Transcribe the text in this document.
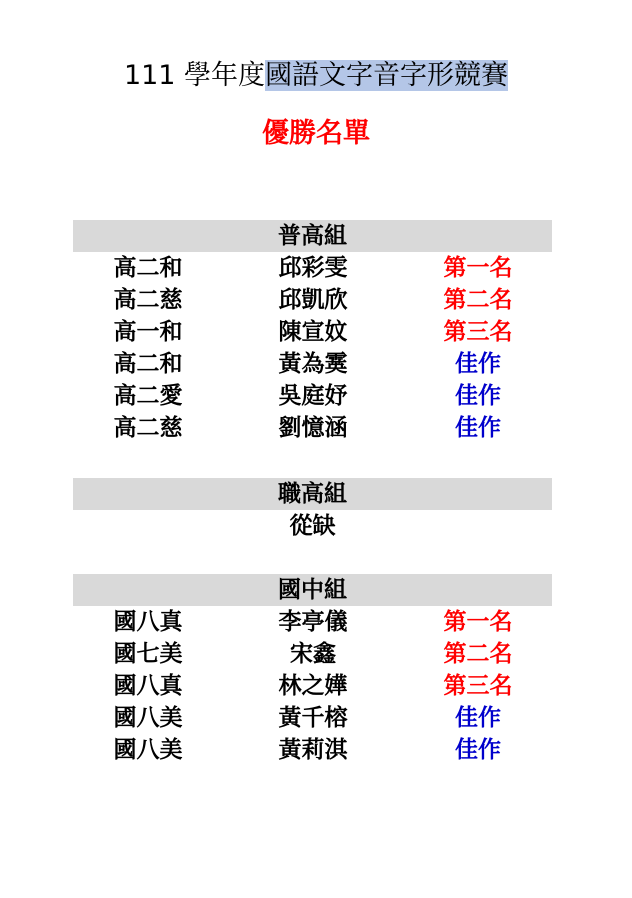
111 學年度國語文字音字形競賽
優勝名單
普高組
高二和	邱彩雯	第一名
高二慈	邱凱欣	第二名
高一和	陳宣妏	第三名
高二和	黃為霙	佳作
高二愛	吳庭妤	佳作
高二慈	劉憶涵	佳作
職高組
從缺
國中組
國八真	李亭儀	第一名
國七美	宋鑫	第二名
國八真	林之嬅	第三名
國八美	黃千榕	佳作
國八美	黃莉淇	佳作
